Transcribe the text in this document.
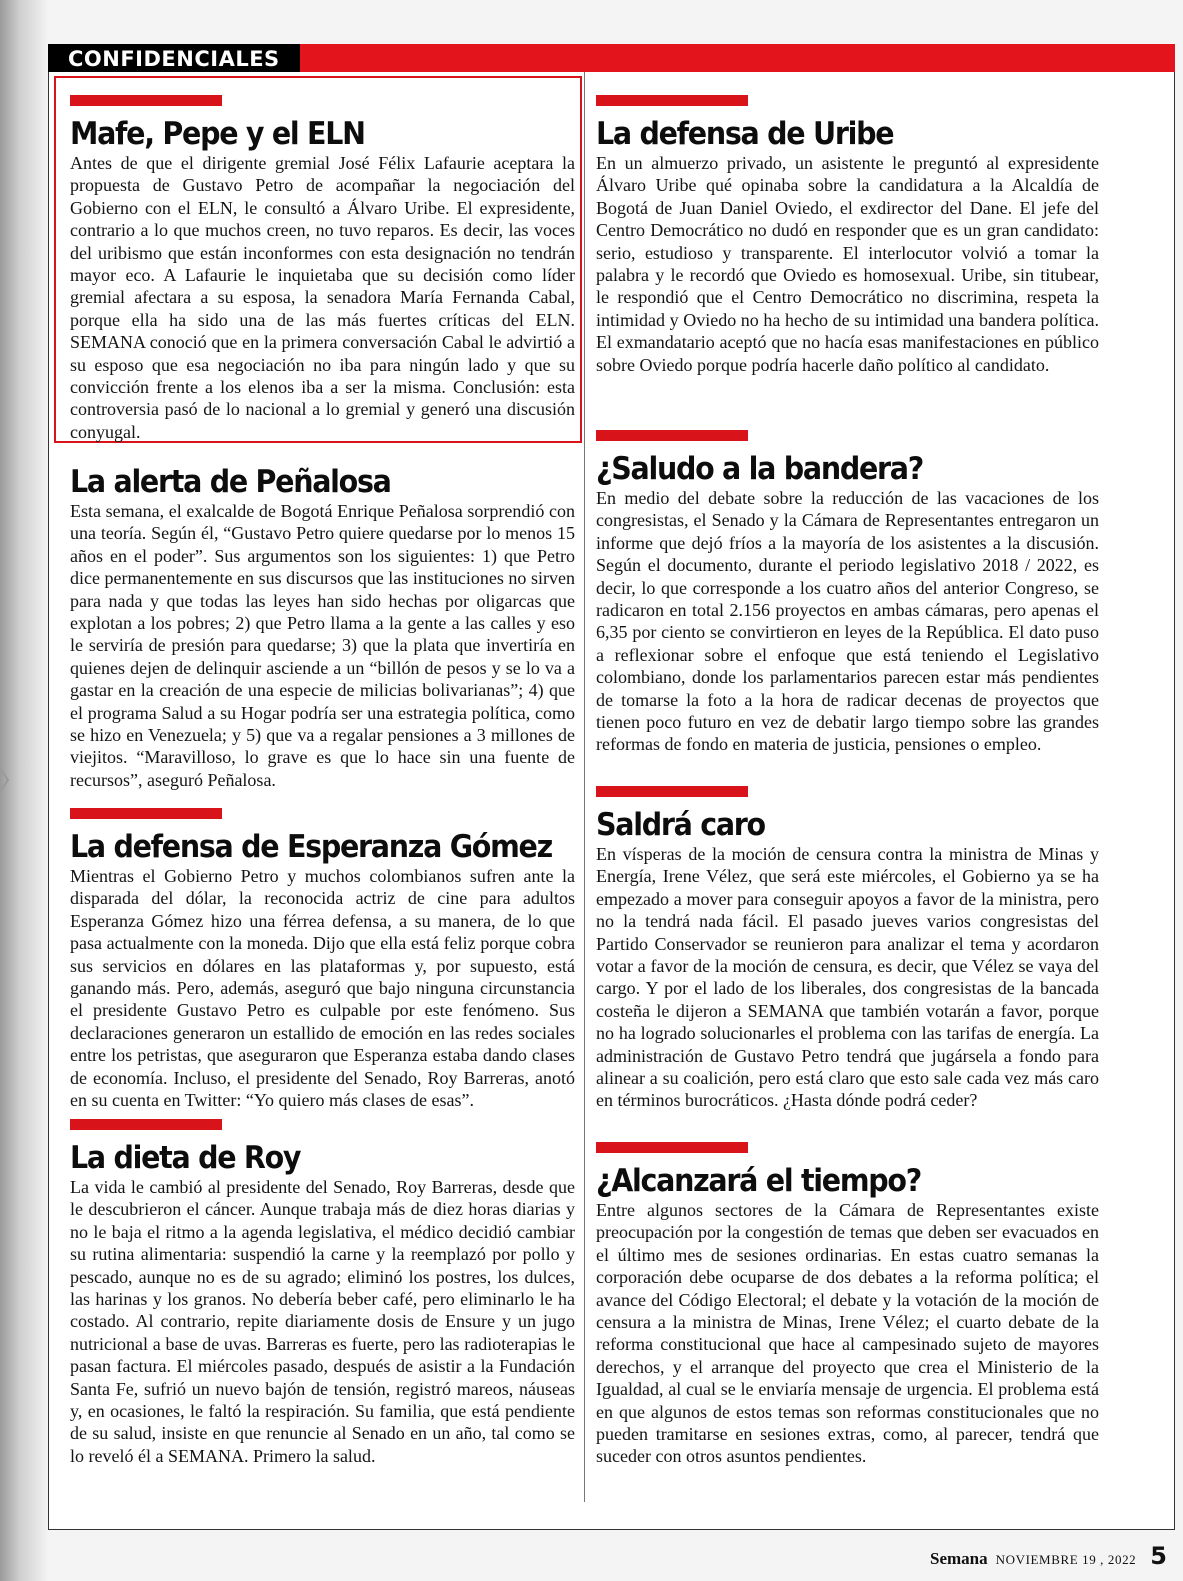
CONFIDENCIALES
Mafe, Pepe y el ELN
Antes de que el dirigente gremial José Félix Lafaurie aceptara la propuesta de Gustavo Petro de acompañar la negociación del Gobierno con el ELN, le consultó a Álvaro Uribe. El expresidente, contrario a lo que muchos creen, no tuvo reparos. Es decir, las voces del uribismo que están inconformes con esta designación no tendrán mayor eco. A Lafaurie le inquietaba que su decisión como líder gremial afectara a su esposa, la senadora María Fernanda Cabal, porque ella ha sido una de las más fuertes críticas del ELN. SEMANA conoció que en la primera conversación Cabal le advirtió a su esposo que esa negociación no iba para ningún lado y que su convicción frente a los elenos iba a ser la misma. Conclusión: esta controversia pasó de lo nacional a lo gremial y generó una discusión conyugal.
La alerta de Peñalosa
Esta semana, el exalcalde de Bogotá Enrique Peñalosa sorprendió con una teoría. Según él, “Gustavo Petro quiere quedarse por lo menos 15 años en el poder”. Sus argumentos son los siguientes: 1) que Petro dice permanentemente en sus discursos que las instituciones no sirven para nada y que todas las leyes han sido hechas por oligarcas que explotan a los pobres; 2) que Petro llama a la gente a las calles y eso le serviría de presión para quedarse; 3) que la plata que invertiría en quienes dejen de delinquir asciende a un “billón de pesos y se lo va a gastar en la creación de una especie de milicias bolivarianas”; 4) que el programa Salud a su Hogar podría ser una estrategia política, como se hizo en Venezuela; y 5) que va a regalar pensiones a 3 millones de viejitos. “Maravilloso, lo grave es que lo hace sin una fuente de recursos”, aseguró Peñalosa.
La defensa de Esperanza Gómez
Mientras el Gobierno Petro y muchos colombianos sufren ante la disparada del dólar, la reconocida actriz de cine para adultos Esperanza Gómez hizo una férrea defensa, a su manera, de lo que pasa actualmente con la moneda. Dijo que ella está feliz porque cobra sus servicios en dólares en las plataformas y, por supuesto, está ganando más. Pero, además, aseguró que bajo ninguna circunstancia el presidente Gustavo Petro es culpable por este fenómeno. Sus declaraciones generaron un estallido de emoción en las redes sociales entre los petristas, que aseguraron que Esperanza estaba dando clases de economía. Incluso, el presidente del Senado, Roy Barreras, anotó en su cuenta en Twitter: “Yo quiero más clases de esas”.
La dieta de Roy
La vida le cambió al presidente del Senado, Roy Barreras, desde que le descubrieron el cáncer. Aunque trabaja más de diez horas diarias y no le baja el ritmo a la agenda legislativa, el médico decidió cambiar su rutina alimentaria: suspendió la carne y la reemplazó por pollo y pescado, aunque no es de su agrado; eliminó los postres, los dulces, las harinas y los granos. No debería beber café, pero eliminarlo le ha costado. Al contrario, repite diariamente dosis de Ensure y un jugo nutricional a base de uvas. Barreras es fuerte, pero las radioterapias le pasan factura. El miércoles pasado, después de asistir a la Fundación Santa Fe, sufrió un nuevo bajón de tensión, registró mareos, náuseas y, en ocasiones, le faltó la respiración. Su familia, que está pendiente de su salud, insiste en que renuncie al Senado en un año, tal como se lo reveló él a SEMANA. Primero la salud.
La defensa de Uribe
En un almuerzo privado, un asistente le preguntó al expresidente Álvaro Uribe qué opinaba sobre la candidatura a la Alcaldía de Bogotá de Juan Daniel Oviedo, el exdirector del Dane. El jefe del Centro Democrático no dudó en responder que es un gran candidato: serio, estudioso y transparente. El interlocutor volvió a tomar la palabra y le recordó que Oviedo es homosexual. Uribe, sin titubear, le respondió que el Centro Democrático no discrimina, respeta la intimidad y Oviedo no ha hecho de su intimidad una bandera política. El exmandatario aceptó que no hacía esas manifestaciones en público sobre Oviedo porque podría hacerle daño político al candidato.
¿Saludo a la bandera?
En medio del debate sobre la reducción de las vacaciones de los congresistas, el Senado y la Cámara de Representantes entregaron un informe que dejó fríos a la mayoría de los asistentes a la discusión. Según el documento, durante el periodo legislativo 2018 / 2022, es decir, lo que corresponde a los cuatro años del anterior Congreso, se radicaron en total 2.156 proyectos en ambas cámaras, pero apenas el 6,35 por ciento se convirtieron en leyes de la República. El dato puso a reflexionar sobre el enfoque que está teniendo el Legislativo colombiano, donde los parlamentarios parecen estar más pendientes de tomarse la foto a la hora de radicar decenas de proyectos que tienen poco futuro en vez de debatir largo tiempo sobre las grandes reformas de fondo en materia de justicia, pensiones o empleo.
Saldrá caro
En vísperas de la moción de censura contra la ministra de Minas y Energía, Irene Vélez, que será este miércoles, el Gobierno ya se ha empezado a mover para conseguir apoyos a favor de la ministra, pero no la tendrá nada fácil. El pasado jueves varios congresistas del Partido Conservador se reunieron para analizar el tema y acordaron votar a favor de la moción de censura, es decir, que Vélez se vaya del cargo. Y por el lado de los liberales, dos congresistas de la bancada costeña le dijeron a SEMANA que también votarán a favor, porque no ha logrado solucionarles el problema con las tarifas de energía. La administración de Gustavo Petro tendrá que jugársela a fondo para alinear a su coalición, pero está claro que esto sale cada vez más caro en términos burocráticos. ¿Hasta dónde podrá ceder?
¿Alcanzará el tiempo?
Entre algunos sectores de la Cámara de Representantes existe preocupación por la congestión de temas que deben ser evacuados en el último mes de sesiones ordinarias. En estas cuatro semanas la corporación debe ocuparse de dos debates a la reforma política; el avance del Código Electoral; el debate y la votación de la moción de censura a la ministra de Minas, Irene Vélez; el cuarto debate de la reforma constitucional que hace al campesinado sujeto de mayores derechos, y el arranque del proyecto que crea el Ministerio de la Igualdad, al cual se le enviaría mensaje de urgencia. El problema está en que algunos de estos temas son reformas constitucionales que no pueden tramitarse en sesiones extras, como, al parecer, tendrá que suceder con otros asuntos pendientes.
Semana NOVIEMBRE 19 , 2022 5
